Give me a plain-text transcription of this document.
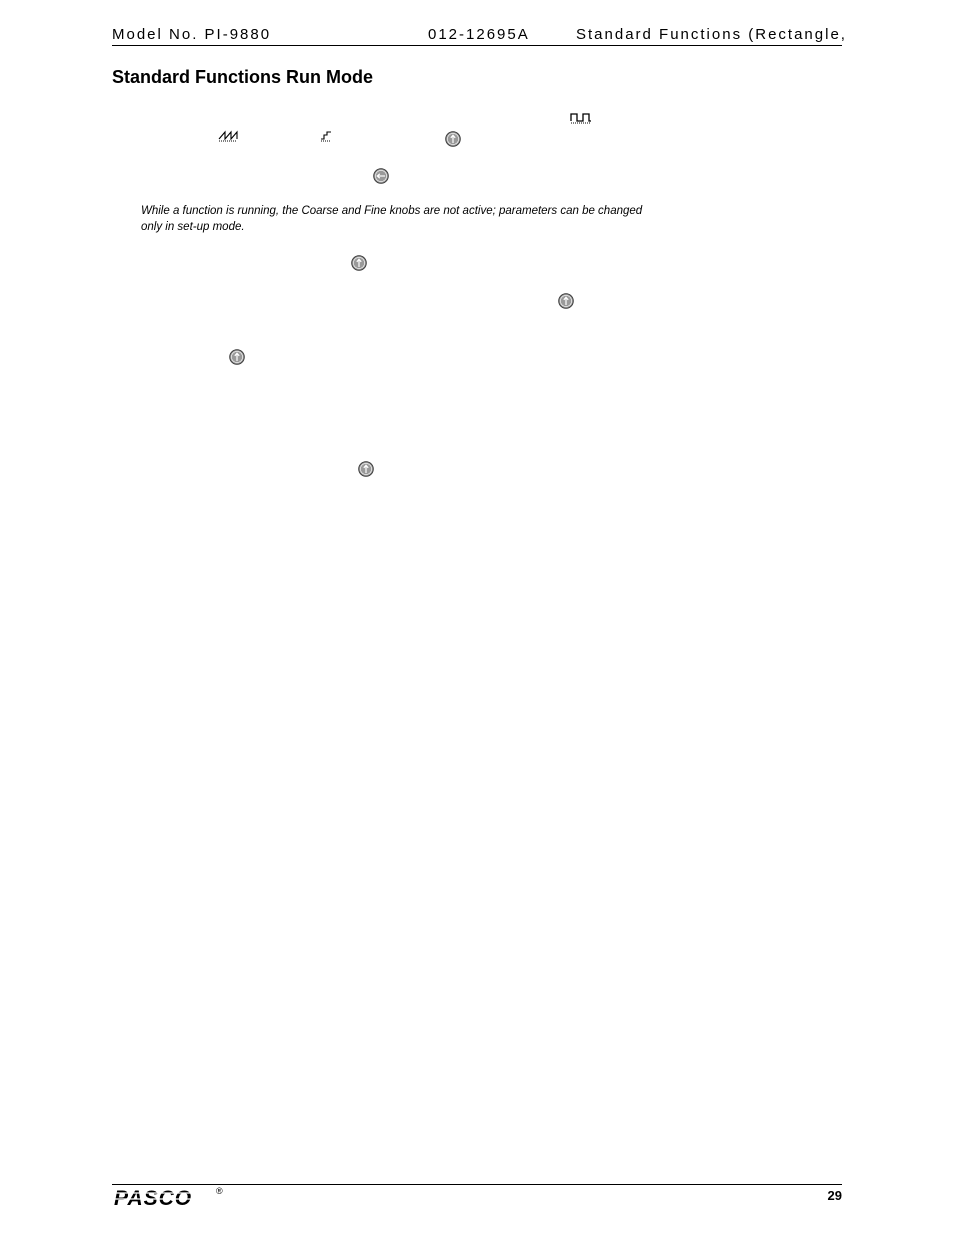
Model No. PI-9880	012-12695A	Standard Functions (Rectangle,
Standard Functions Run Mode
While a function is running, the Coarse and Fine knobs are not active; parameters can be changed only in set-up mode.
PASCO	®	29
